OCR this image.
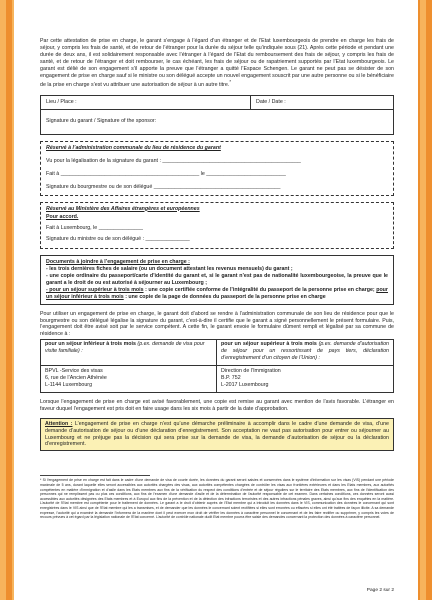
Par cette attestation de prise en charge, le garant s’engage à l’égard d’un étranger et de l’Etat luxembourgeois de prendre en charge les frais de séjour, y compris les frais de santé, et de retour de l’étranger pour la durée du séjour telle qu’indiquée sous (21). Après cette période et pendant une durée de deux ans, il est solidairement responsable avec l’étranger à l’égard de l’Etat du remboursement des frais de séjour, y compris les frais de santé, et de retour de l’étranger et doit rembourser, le cas échéant, les frais de séjour ou de rapatriement supportés par l’Etat luxembourgeois. Le garant est délié de son engagement s’il apporte la preuve que l’étranger a quitté l’Espace Schengen. Le garant ne peut pas se désister de son engagement de prise en charge sauf si le ministre ou son délégué accepte un nouvel engagement souscrit par une autre personne ou si le bénéficiaire de la prise en charge s’est vu attribuer une autorisation de séjour à un autre titre.*

Lieu / Place :	Date / Date :
Signature du garant / Signature of the sponsor:

Réservé à l’administration communale du lieu de résidence du garant

Vu pour la légalisation de la signature du garant : _______________________________________________

Fait à _______________________________________________ le ___________________________

Signature du bourgmestre ou de son délégué ___________________________________________

Réservé au Ministère des Affaires étrangères et européennes

Pour accord.

Fait à Luxembourg, le _______________

Signature du ministre ou de son délégué : _______________

Documents à joindre à l’engagement de prise en charge :

- les trois dernières fiches de salaire (ou un document attestant les revenus mensuels) du garant ;

- une copie ordinaire du passeport/carte d’identité du garant et, si le garant n’est pas de nationalité luxembourgeoise, la preuve que le garant a le droit de ou est autorisé à séjourner au Luxembourg ;

- pour un séjour supérieur à trois mois : une copie certifiée conforme de l’intégralité du passeport de la personne prise en charge; pour un séjour inférieur à trois mois : une copie de la page de données du passeport de la personne prise en charge

Pour utiliser un engagement de prise en charge, le garant doit d’abord se rendre à l’administration communale de son lieu de résidence pour que le bourgmestre ou son délégué légalise la signature du garant, c’est-à-dire il certifie que le garant a signé personnellement le présent formulaire. Puis, l’engagement doit être avisé soit par le service compétent. A cette fin, le garant envoie le formulaire dûment rempli et légalisé par sa commune de résidence à :

pour un séjour inférieur à trois mois (p.ex. demande de visa pour visite familiale) :
BPVL -Service des visas
6, rue de l’Ancien Athénée
L-1144 Luxembourg
pour un séjour supérieur à trois mois (p.ex. demande d’autorisation de séjour pour un ressortissant de pays tiers, déclaration d’enregistrement d’un citoyen de l’Union) :
Direction de l’Immigration
B.P. 752
L-2017 Luxembourg

Lorsque l’engagement de prise en charge est avisé favorablement, une copie est remise au garant avec mention de l’avis favorable. L’étranger en faveur duquel l’engagement est pris doit en faire usage dans les six mois à partir de la date d’approbation.

Attention : L’engagement de prise en charge n’est qu’une démarche préliminaire à accomplir dans le cadre d’une demande de visa, d’une demande d’autorisation de séjour ou d’une déclaration d’enregistrement. Son acceptation ne vaut pas autorisation pour entrer ou séjourner au Luxembourg et ne préjuge pas la décision qui sera prise sur la demande de visa, la demande d’autorisation de séjour ou la déclaration d’enregistrement.

* Si l’engagement de prise en charge est fait dans le cadre d’une demande de visa de courte durée, les données du garant seront saisies et conservées dans le système d’information sur les visas (VIS) pendant une période maximale de 5 ans, durant laquelle elles seront accessibles aux autorités chargées des visas, aux autorités compétentes chargées de contrôler les visas aux frontières extérieures et dans les Etats membres, aux autorités compétentes en matière d’immigration et d’asile dans les Etats membres aux fins de la vérification du respect des conditions d’entrée et de séjour réguliers sur le territoire des Etats membres, aux fins de l’identification des personnes qui ne remplissent pas ou plus ces conditions, aux fins de l’examen d’une demande d’asile et de la détermination de l’autorité responsable de cet examen. Dans certaines conditions, ces données seront aussi accessibles aux autorités désignées des Etats membres et à Europol aux fins de la prévention et de la détection des infractions terroristes et des autres infractions pénales graves, ainsi qu’aux fins des enquêtes en la matière. L’autorité de l’Etat membre est compétente pour le traitement de données. Le garant a le droit d’obtenir auprès de l’Etat membre qui a introduit les données dans le VIS, communication des données le concernant qui sont enregistrées dans le VIS ainsi que de l’Etat membre qui les a transmises, et de demander que les données le concernant soient rectifiées si elles sont erronées ou effacées si elles ont été traitées de façon illicite. A sa demande expresse, l’autorité qui a examiné la demande l’informera de la manière dont il peut exercer mon droit de vérifier les données à caractère personnel le concernant et de les faire rectifier ou supprimer, y compris les voies de recours prévues à cet égard par la législation nationale de l’Etat concerné. L’autorité de contrôle nationale dudit Etat membre pourra être saisie des demandes concernant la protection des données à caractère personnel.

Page 2 sur 2
